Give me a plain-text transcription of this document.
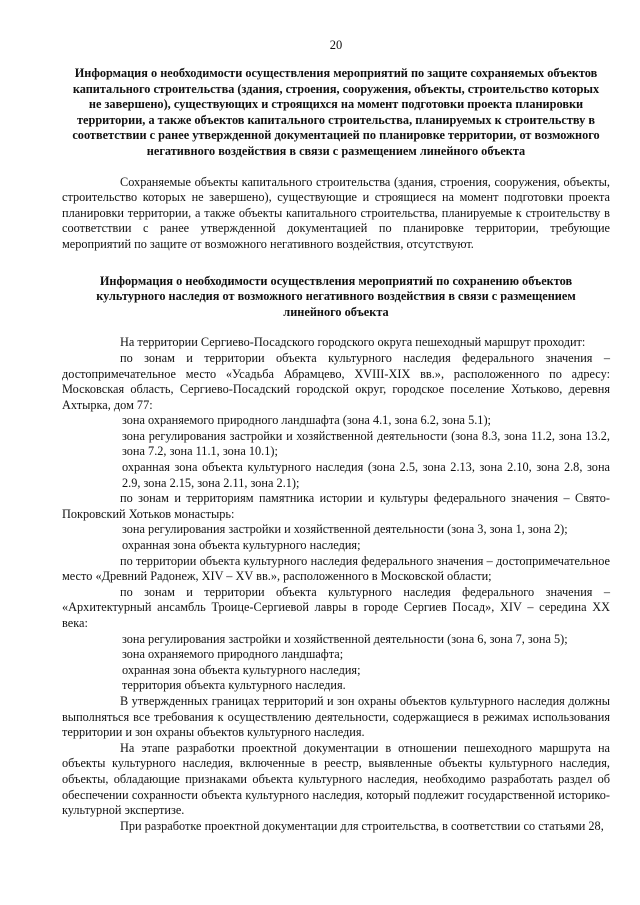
20
Информация о необходимости осуществления мероприятий по защите сохраняемых объектов капитального строительства (здания, строения, сооружения, объекты, строительство которых не завершено), существующих и строящихся на момент подготовки проекта планировки территории, а также объектов капитального строительства, планируемых к строительству в соответствии с ранее утвержденной документацией по планировке территории, от возможного негативного воздействия в связи с размещением линейного объекта

Сохраняемые объекты капитального строительства (здания, строения, сооружения, объекты, строительство которых не завершено), существующие и строящиеся на момент подготовки проекта планировки территории, а также объекты капитального строительства, планируемые к строительству в соответствии с ранее утвержденной документацией по планировке территории, требующие мероприятий по защите от возможного негативного воздействия, отсутствуют.

Информация о необходимости осуществления мероприятий по сохранению объектов культурного наследия от возможного негативного воздействия в связи с размещением линейного объекта

На территории Сергиево-Посадского городского округа пешеходный маршрут проходит:

по зонам и территории объекта культурного наследия федерального значения – достопримечательное место «Усадьба Абрамцево, XVIII-XIX вв.», расположенного по адресу: Московская область, Сергиево-Посадский городской округ, городское поселение Хотьково, деревня Ахтырка, дом 77:

зона охраняемого природного ландшафта (зона 4.1, зона 6.2, зона 5.1);
зона регулирования застройки и хозяйственной деятельности (зона 8.3, зона 11.2, зона 13.2, зона 7.2, зона 11.1, зона 10.1);
охранная зона объекта культурного наследия (зона 2.5, зона 2.13, зона 2.10, зона 2.8, зона 2.9, зона 2.15, зона 2.11, зона 2.1);

по зонам и территориям памятника истории и культуры федерального значения – Свято-Покровский Хотьков монастырь:

зона регулирования застройки и хозяйственной деятельности (зона 3, зона 1, зона 2);
охранная зона объекта культурного наследия;

по территории объекта культурного наследия федерального значения – достопримечательное место «Древний Радонеж, XIV – XV вв.», расположенного в Московской области;

по зонам и территории объекта культурного наследия федерального значения – «Архитектурный ансамбль Троице-Сергиевой лавры в городе Сергиев Посад», XIV – середина XX века:

зона регулирования застройки и хозяйственной деятельности (зона 6, зона 7, зона 5);
зона охраняемого природного ландшафта;
охранная зона объекта культурного наследия;
территория объекта культурного наследия.

В утвержденных границах территорий и зон охраны объектов культурного наследия должны выполняться все требования к осуществлению деятельности, содержащиеся в режимах использования территории и зон охраны объектов культурного наследия.

На этапе разработки проектной документации в отношении пешеходного маршрута на объекты культурного наследия, включенные в реестр, выявленные объекты культурного наследия, объекты, обладающие признаками объекта культурного наследия, необходимо разработать раздел об обеспечении сохранности объекта культурного наследия, который подлежит государственной историко-культурной экспертизе.

При разработке проектной документации для строительства, в соответствии со статьями 28,
